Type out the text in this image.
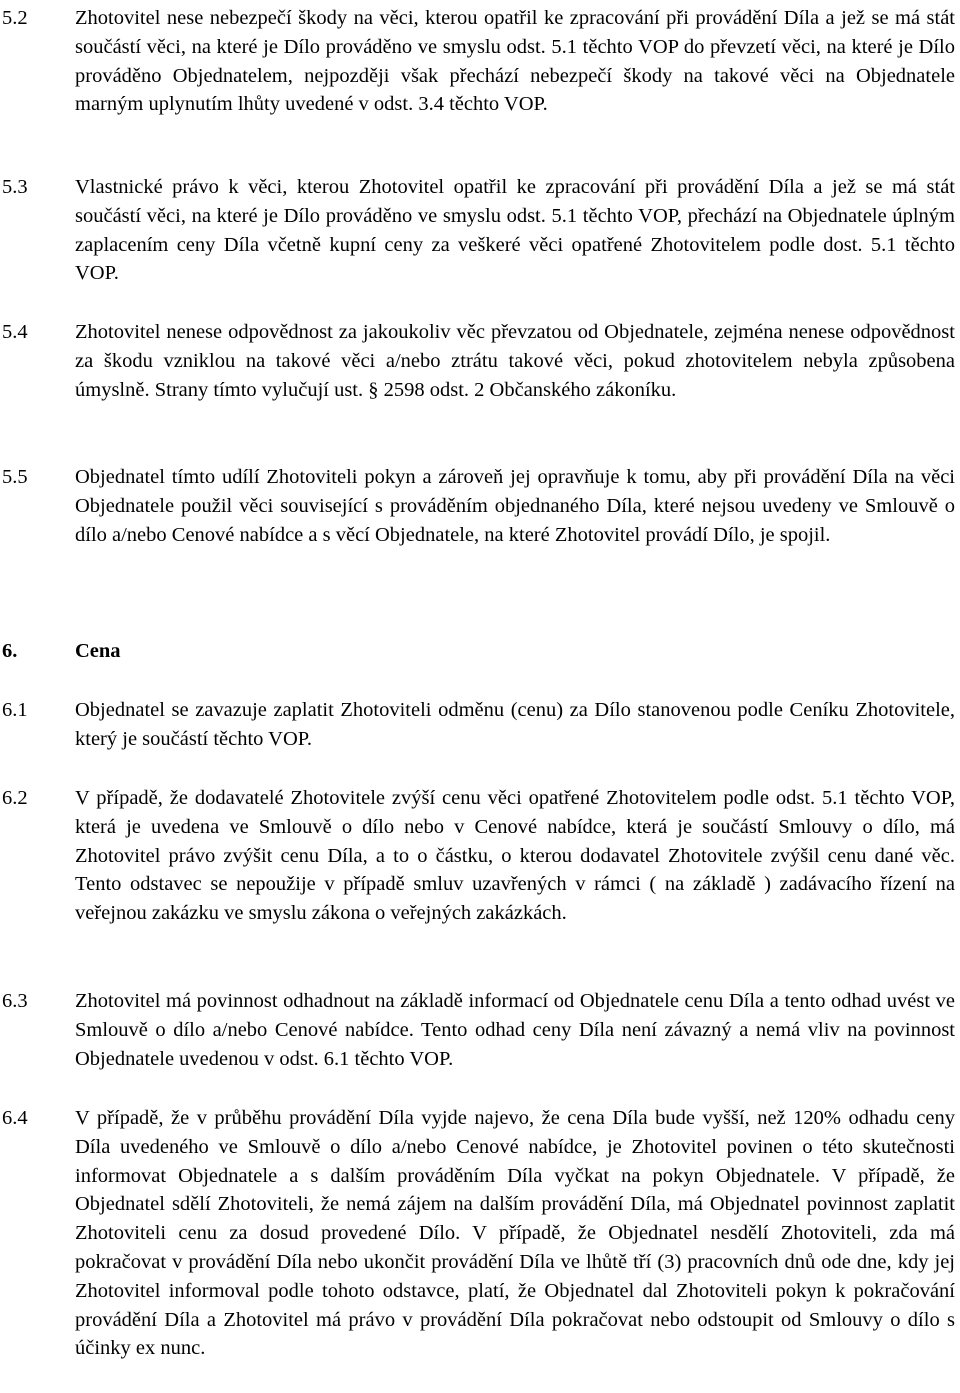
5.2	Zhotovitel nese nebezpečí škody na věci, kterou opatřil ke zpracování při provádění Díla a jež se má stát součástí věci, na které je Dílo prováděno ve smyslu odst. 5.1 těchto VOP do převzetí věci, na které je Dílo prováděno Objednatelem, nejpozději však přechází nebezpečí škody na takové věci na Objednatele marným uplynutím lhůty uvedené v odst. 3.4 těchto VOP.
5.3	Vlastnické právo k věci, kterou Zhotovitel opatřil ke zpracování při provádění Díla a jež se má stát součástí věci, na které je Dílo prováděno ve smyslu odst. 5.1 těchto VOP, přechází na Objednatele úplným zaplacením ceny Díla včetně kupní ceny za veškeré věci opatřené Zhotovitelem podle dost. 5.1 těchto VOP.
5.4	Zhotovitel nenese odpovědnost za jakoukoliv věc převzatou od Objednatele, zejména nenese odpovědnost za škodu vzniklou na takové věci a/nebo ztrátu takové věci, pokud zhotovitelem nebyla způsobena úmyslně. Strany tímto vylučují ust. § 2598 odst. 2 Občanského zákoníku.
5.5	Objednatel tímto udílí Zhotoviteli pokyn a zároveň jej opravňuje k tomu, aby při provádění Díla na věci Objednatele použil věci související s prováděním objednaného Díla, které nejsou uvedeny ve Smlouvě o dílo a/nebo Cenové nabídce a s věcí Objednatele, na které Zhotovitel provádí Dílo, je spojil.
6.	Cena
6.1	Objednatel se zavazuje zaplatit Zhotoviteli odměnu (cenu) za Dílo stanovenou podle Ceníku Zhotovitele, který je součástí těchto VOP.
6.2	V případě, že dodavatelé Zhotovitele zvýší cenu věci opatřené Zhotovitelem podle odst. 5.1 těchto VOP, která je uvedena ve Smlouvě o dílo nebo v Cenové nabídce, která je součástí Smlouvy o dílo, má Zhotovitel právo zvýšit cenu Díla, a to o částku, o kterou dodavatel Zhotovitele zvýšil cenu dané věc. Tento odstavec se nepoužije v případě smluv uzavřených v rámci ( na základě ) zadávacího řízení na veřejnou zakázku ve smyslu zákona o veřejných zakázkách.
6.3	Zhotovitel má povinnost odhadnout na základě informací od Objednatele cenu Díla a tento odhad uvést ve Smlouvě o dílo a/nebo Cenové nabídce. Tento odhad ceny Díla není závazný a nemá vliv na povinnost Objednatele uvedenou v odst. 6.1 těchto VOP.
6.4	V případě, že v průběhu provádění Díla vyjde najevo, že cena Díla bude vyšší, než 120% odhadu ceny Díla uvedeného ve Smlouvě o dílo a/nebo Cenové nabídce, je Zhotovitel povinen o této skutečnosti informovat Objednatele a s dalším prováděním Díla vyčkat na pokyn Objednatele. V případě, že Objednatel sdělí Zhotoviteli, že nemá zájem na dalším provádění Díla, má Objednatel povinnost zaplatit Zhotoviteli cenu za dosud provedené Dílo. V případě, že Objednatel nesdělí Zhotoviteli, zda má pokračovat v provádění Díla nebo ukončit provádění Díla ve lhůtě tří (3) pracovních dnů ode dne, kdy jej Zhotovitel informoval podle tohoto odstavce, platí, že Objednatel dal Zhotoviteli pokyn k pokračování provádění Díla a Zhotovitel má právo v provádění Díla pokračovat nebo odstoupit od Smlouvy o dílo s účinky ex nunc.
